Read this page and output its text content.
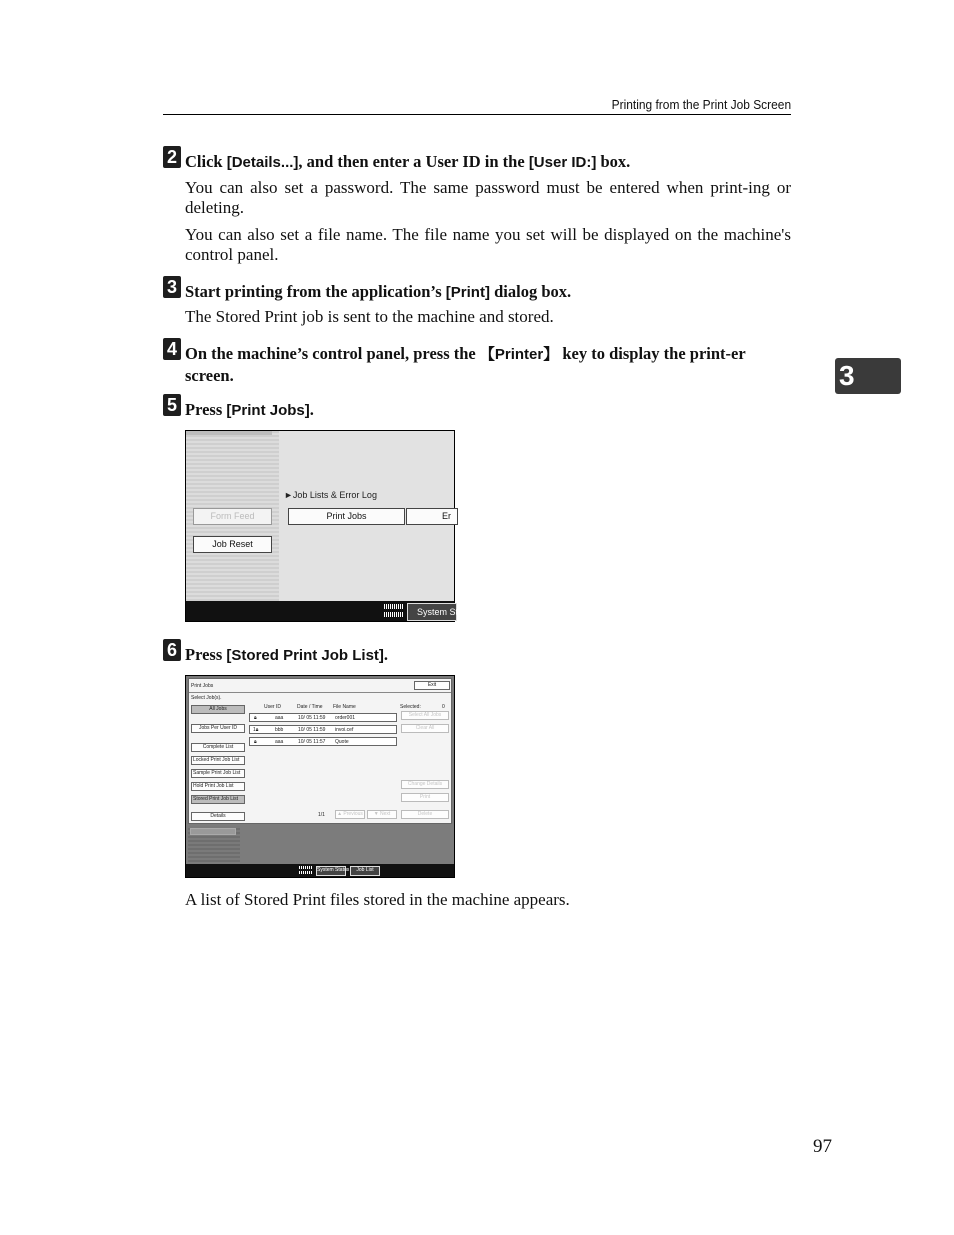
Printing from the Print Job Screen
3
2 Click [Details...], and then enter a User ID in the [User ID:] box.
You can also set a password. The same password must be entered when print-ing or deleting.
You can also set a file name. The file name you set will be displayed on the machine's control panel.
3 Start printing from the application’s [Print] dialog box.
The Stored Print job is sent to the machine and stored.
4 On the machine’s control panel, press the 【Printer】 key to display the print-er screen.
5 Press [Print Jobs].
►Job Lists & Error Log
Form Feed
Job Reset
Print Jobs	Er
System Stat
6 Press [Stored Print Job List].
Print Jobs	Exit
Select Job(s).
User ID	Date / Time File Name	Selected:	0
All Jobs
Jobs Per User ID
Complete List
Locked Print Job List
Sample Print Job List
Hold Print Job List
Stored Print Job List
Details
🔒︎	aaa	10/ 05 11:59 order001
1🔒︎	bbb	10/ 05 11:59 invoi.cef
🔒︎	aaa	10/ 05 11:57 Quote
Select All Jobs
Clear All
Change Details
Print
Delete
1/1	▲ Previous	▼ Next
System Status	Job List
A list of Stored Print files stored in the machine appears.
97
